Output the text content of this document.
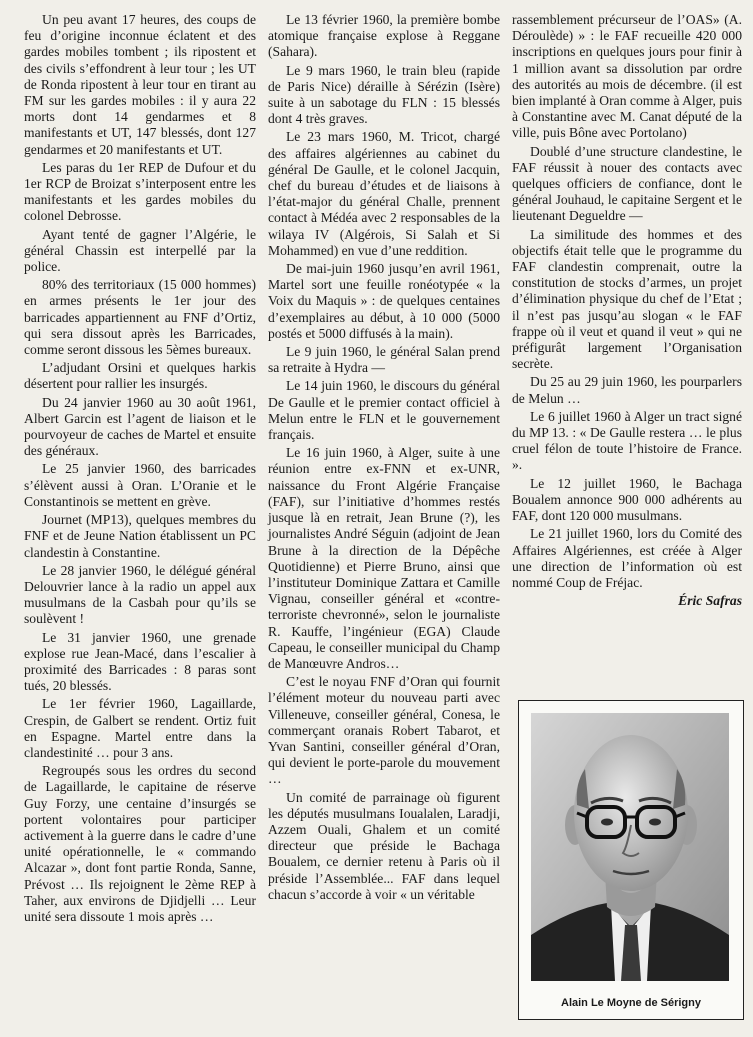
Un peu avant 17 heures, des coups de feu d’origine inconnue éclatent et des gardes mobiles tombent ; ils ripostent et des civils s’effondrent à leur tour ; les UT de Ronda ripostent à leur tour en tirant au FM sur les gardes mobiles : il y aura 22 morts dont 14 gendarmes et 8 manifestants et UT, 147 blessés, dont 127 gendarmes et 20 manifestants et UT.

Les paras du 1er REP de Dufour et du 1er RCP de Broizat s’interposent entre les manifestants et les gardes mobiles du colonel Debrosse.

Ayant tenté de gagner l’Algérie, le général Chassin est interpellé par la police.

80% des territoriaux (15 000 hommes) en armes présents le 1er jour des barricades appartiennent au FNF d’Ortiz, qui sera dissout après les Barricades, comme seront dissous les 5èmes bureaux.

L’adjudant Orsini et quelques harkis désertent pour rallier les insurgés.

Du 24 janvier 1960 au 30 août 1961, Albert Garcin est l’agent de liaison et le pourvoyeur de caches de Martel et ensuite des généraux.

Le 25 janvier 1960, des barricades s’élèvent aussi à Oran. L’Oranie et le Constantinois se mettent en grève.

Journet (MP13), quelques membres du FNF et de Jeune Nation établissent un PC clandestin à Constantine.

Le 28 janvier 1960, le délégué général Delouvrier lance à la radio un appel aux musulmans de la Casbah pour qu’ils se soulèvent !

Le 31 janvier 1960, une grenade explose rue Jean-Macé, dans l’escalier à proximité des Barricades : 8 paras sont tués, 20 blessés.

Le 1er février 1960, Lagaillarde, Crespin, de Galbert se rendent. Ortiz fuit en Espagne. Martel entre dans la clandestinité … pour 3 ans.

Regroupés sous les ordres du second de Lagaillarde, le capitaine de réserve Guy Forzy, une centaine d’insurgés se portent volontaires pour participer activement à la guerre dans le cadre d’une unité opérationnelle, le « commando Alcazar », dont font partie Ronda, Sanne, Prévost … Ils rejoignent le 2ème REP à Taher, aux environs de Djidjelli … Leur unité sera dissoute 1 mois après …

Le 13 février 1960, la première bombe atomique française explose à Reggane (Sahara).

Le 9 mars 1960, le train bleu (rapide de Paris Nice) déraille à Sérézin (Isère) suite à un sabotage du FLN : 15 blessés dont 4 très graves.

Le 23 mars 1960, M. Tricot, chargé des affaires algériennes au cabinet du général De Gaulle, et le colonel Jacquin, chef du bureau d’études et de liaisons à l’état-major du général Challe, prennent contact à Médéa avec 2 responsables de la wilaya IV (Algérois, Si Salah et Si Mohammed) en vue d’une reddition.

De mai-juin 1960 jusqu’en avril 1961, Martel sort une feuille ronéotypée « la Voix du Maquis » : de quelques centaines d’exemplaires au début, à 10 000 (5000 postés et 5000 diffusés à la main).

Le 9 juin 1960, le général Salan prend sa retraite à Hydra —

Le 14 juin 1960, le discours du général De Gaulle et le premier contact officiel à Melun entre le FLN et le gouvernement français.

Le 16 juin 1960, à Alger, suite à une réunion entre ex-FNN et ex-UNR, naissance du Front Algérie Française (FAF), sur l’initiative d’hommes restés jusque là en retrait, Jean Brune (?), les journalistes André Séguin (adjoint de Jean Brune à la direction de la Dépêche Quotidienne) et Pierre Bruno, ainsi que l’instituteur Dominique Zattara et Camille Vignau, conseiller général et «contre-terroriste chevronné», selon le journaliste R. Kauffe, l’ingénieur (EGA) Claude Capeau, le conseiller municipal du Champ de Manœuvre Andros…

C’est le noyau FNF d’Oran qui fournit l’élément moteur du nouveau parti avec Villeneuve, conseiller général, Conesa, le commerçant oranais Robert Tabarot, et Yvan Santini, conseiller général d’Oran, qui devient le porte-parole du mouvement …

Un comité de parrainage où figurent les députés musulmans Ioualalen, Laradji, Azzem Ouali, Ghalem et un comité directeur que préside le Bachaga Boualem, ce dernier retenu à Paris où il préside l’Assemblée... FAF dans lequel chacun s’accorde à voir « un véritable

rassemblement précurseur de l’OAS» (A. Déroulède) » : le FAF recueille 420 000 inscriptions en quelques jours pour finir à 1 million avant sa dissolution par ordre des autorités au mois de décembre. (il est bien implanté à Oran comme à Alger, puis à Constantine avec M. Canat député de la ville, puis Bône avec Portolano)

Doublé d’une structure clandestine, le FAF réussit à nouer des contacts avec quelques officiers de confiance, dont le général Jouhaud, le capitaine Sergent et le lieutenant Degueldre —

La similitude des hommes et des objectifs était telle que le programme du FAF clandestin comprenait, outre la constitution de stocks d’armes, un projet d’élimination physique du chef de l’Etat ; il n’est pas jusqu’au slogan « le FAF frappe où il veut et quand il veut » qui ne préfigurât largement l’Organisation secrète.

Du 25 au 29 juin 1960, les pourparlers de Melun …

Le 6 juillet 1960 à Alger un tract signé du MP 13. : « De Gaulle restera … le plus cruel félon de toute l’histoire de France. ».

Le 12 juillet 1960, le Bachaga Boualem annonce 900 000 adhérents au FAF, dont 120 000 musulmans.

Le 21 juillet 1960, lors du Comité des Affaires Algériennes, est créée à Alger une direction de l’information où est nommé Coup de Fréjac.

Éric Safras

Alain Le Moyne de Sérigny
